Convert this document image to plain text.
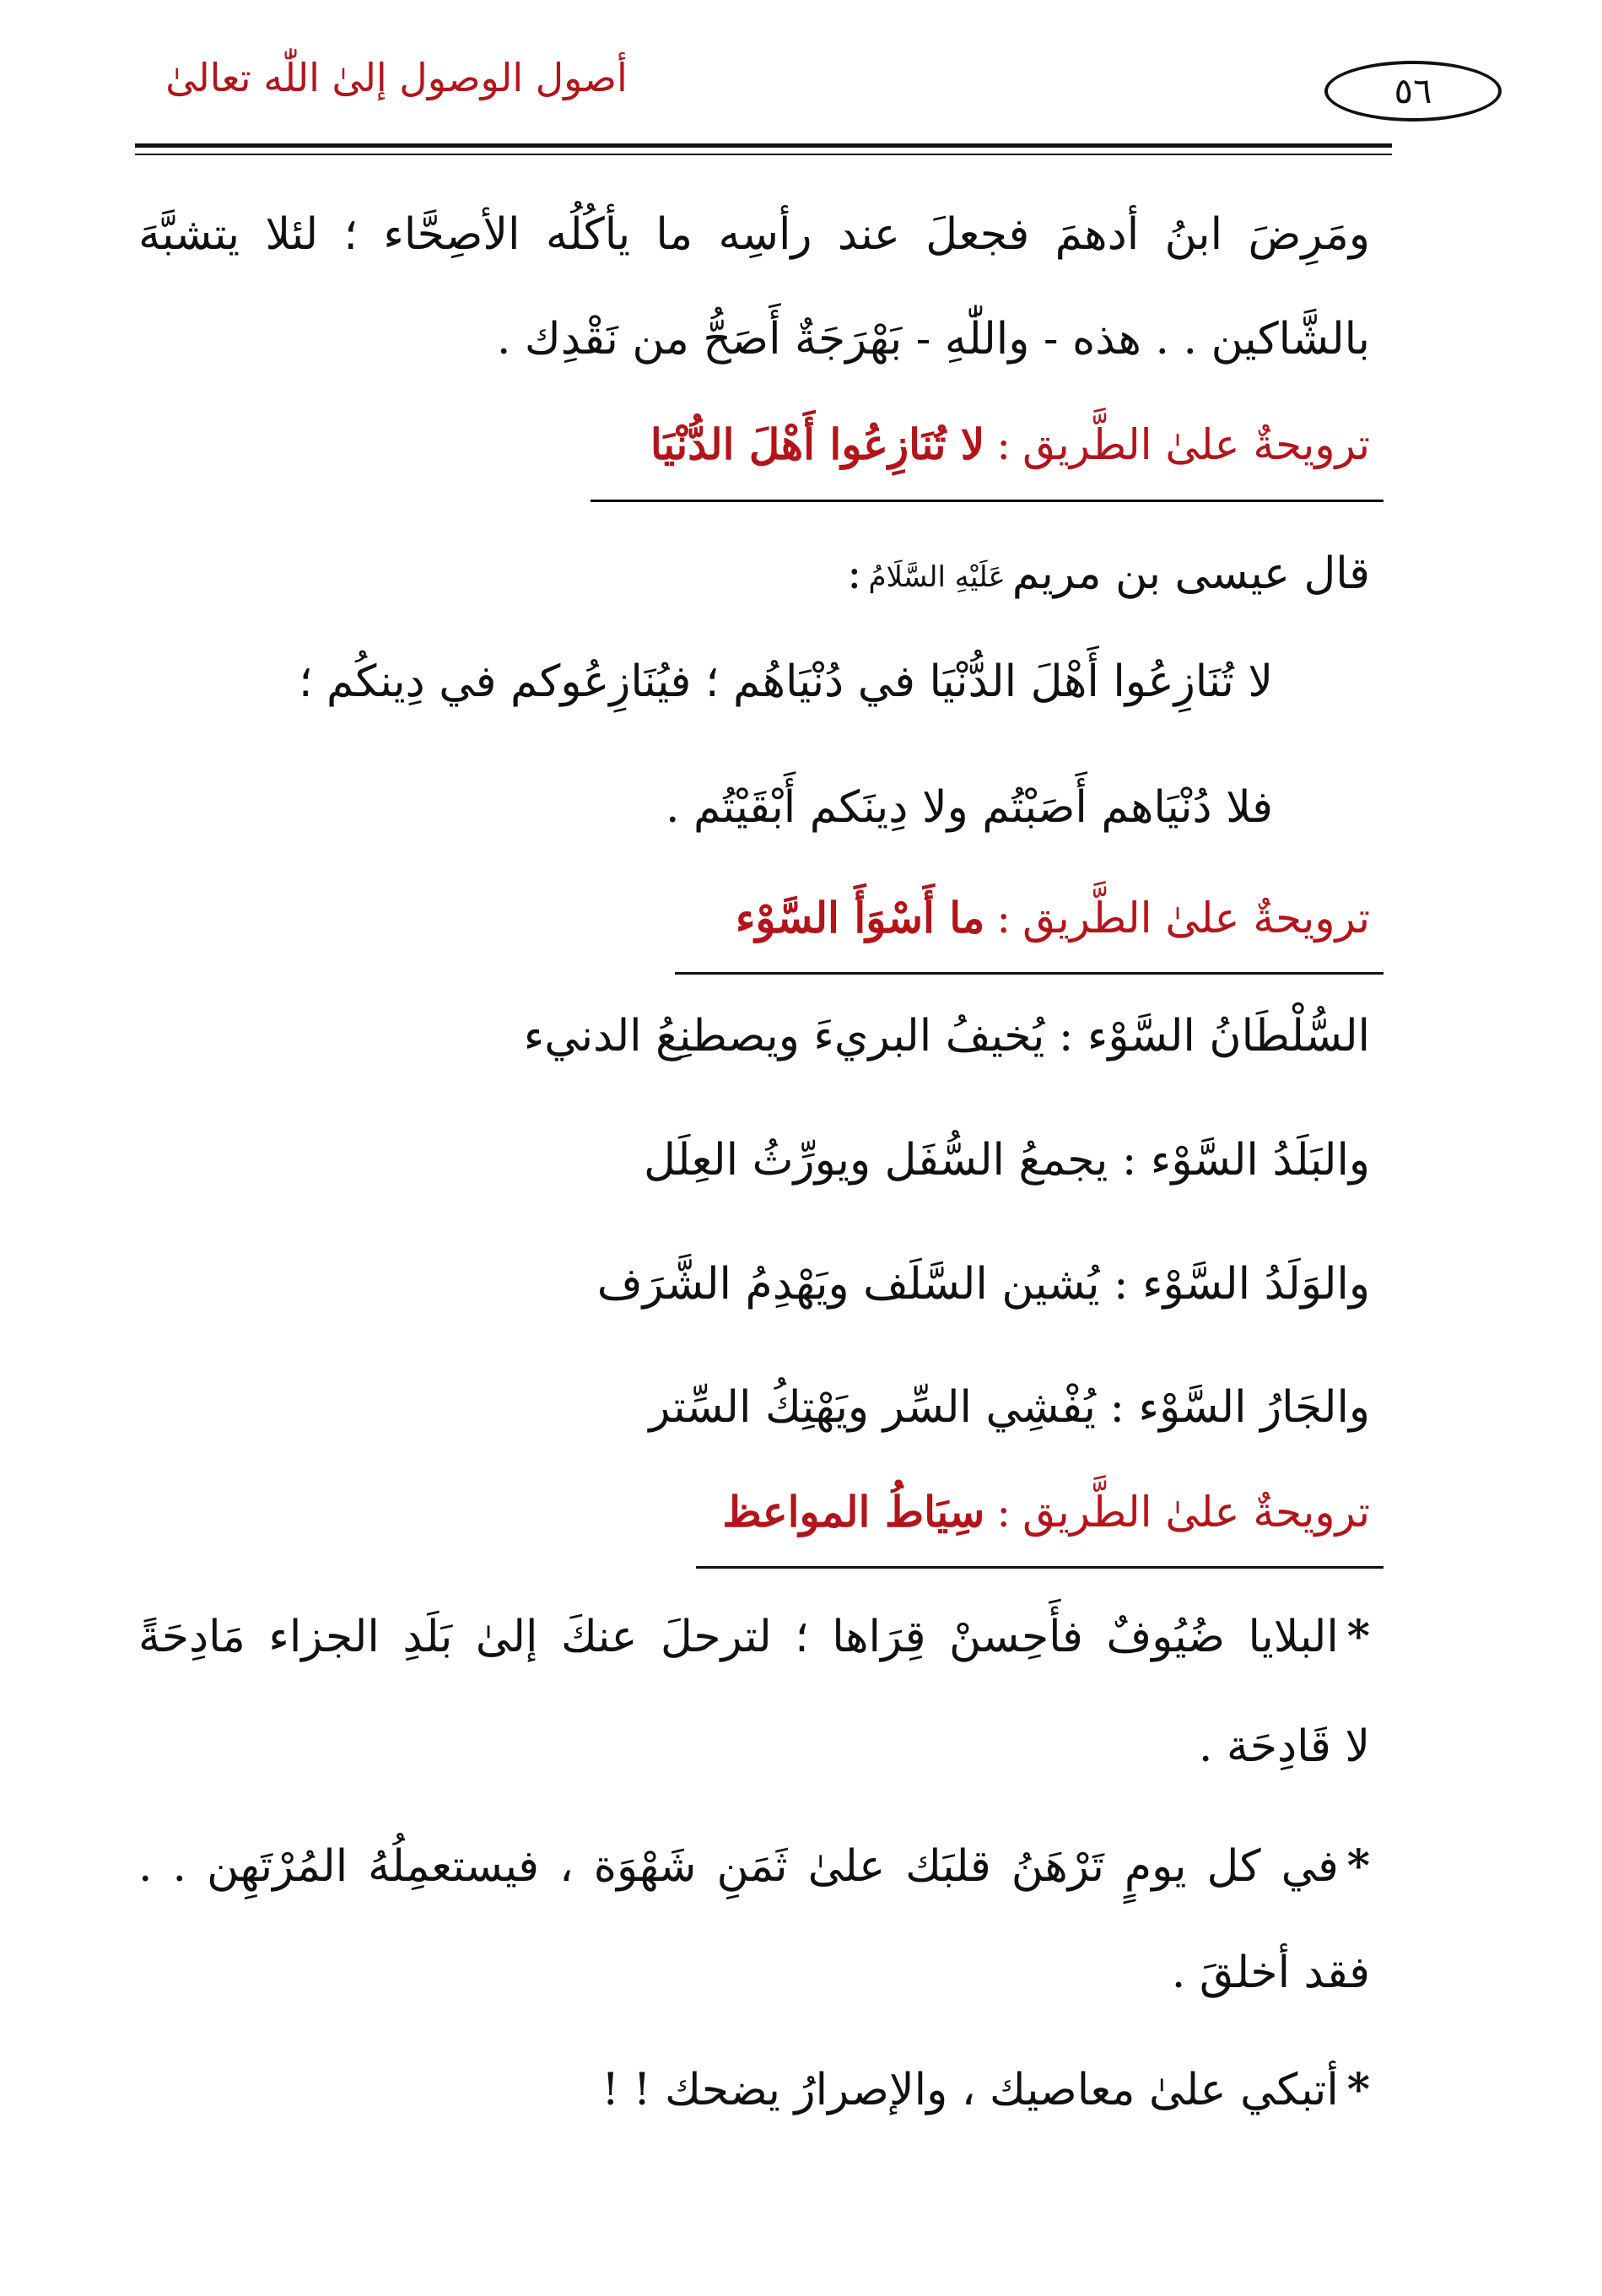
أصول الوصول إلىٰ اللّٰه تعالىٰ	٥٦
ومَرِضَ ابنُ أدهمَ فجعلَ عند رأسِه ما يأكُلُه الأصِحَّاء ؛ لئلا يتشبَّهَ
بالشَّاكين . . هذه - واللّٰهِ - بَهْرَجَةٌ أَصَحُّ من نَقْدِك .
ترويحةٌ علىٰ الطَّريق:لا تُنَازِعُوا أَهْلَ الدُّنْيَا
قال عيسى بن مريمعَلَيْهِ السَّلَامُ:
لا تُنَازِعُوا أَهْلَ الدُّنْيَا في دُنْيَاهُم ؛ فيُنَازِعُوكم في دِينكُم ؛
فلا دُنْيَاهم أَصَبْتُم ولا دِينَكم أَبْقَيْتُم .
ترويحةٌ علىٰ الطَّريق:ما أَسْوَأَ السَّوْء
السُّلْطَانُ السَّوْء : يُخيفُ البريءَ ويصطنِعُ الدنيء
والبَلَدُ السَّوْء : يجمعُ السُّفَل ويورِّثُ العِلَل
والوَلَدُ السَّوْء : يُشين السَّلَف ويَهْدِمُ الشَّرَف
والجَارُ السَّوْء : يُفْشِي السِّر ويَهْتِكُ السِّتر
ترويحةٌ علىٰ الطَّريق:سِيَاطُ المواعظ
*البلايا ضُيُوفٌ فأَحِسنْ قِرَاها ؛ لترحلَ عنكَ إلىٰ بَلَدِ الجزاء مَادِحَةً
لا قَادِحَة .
*في كل يومٍ تَرْهَنُ قلبَك علىٰ ثَمَنِ شَهْوَة ، فيستعمِلُهُ المُرْتَهِن . .
فقد أخلقَ .
*أتبكي علىٰ معاصيك ، والإصرارُ يضحك ! !
